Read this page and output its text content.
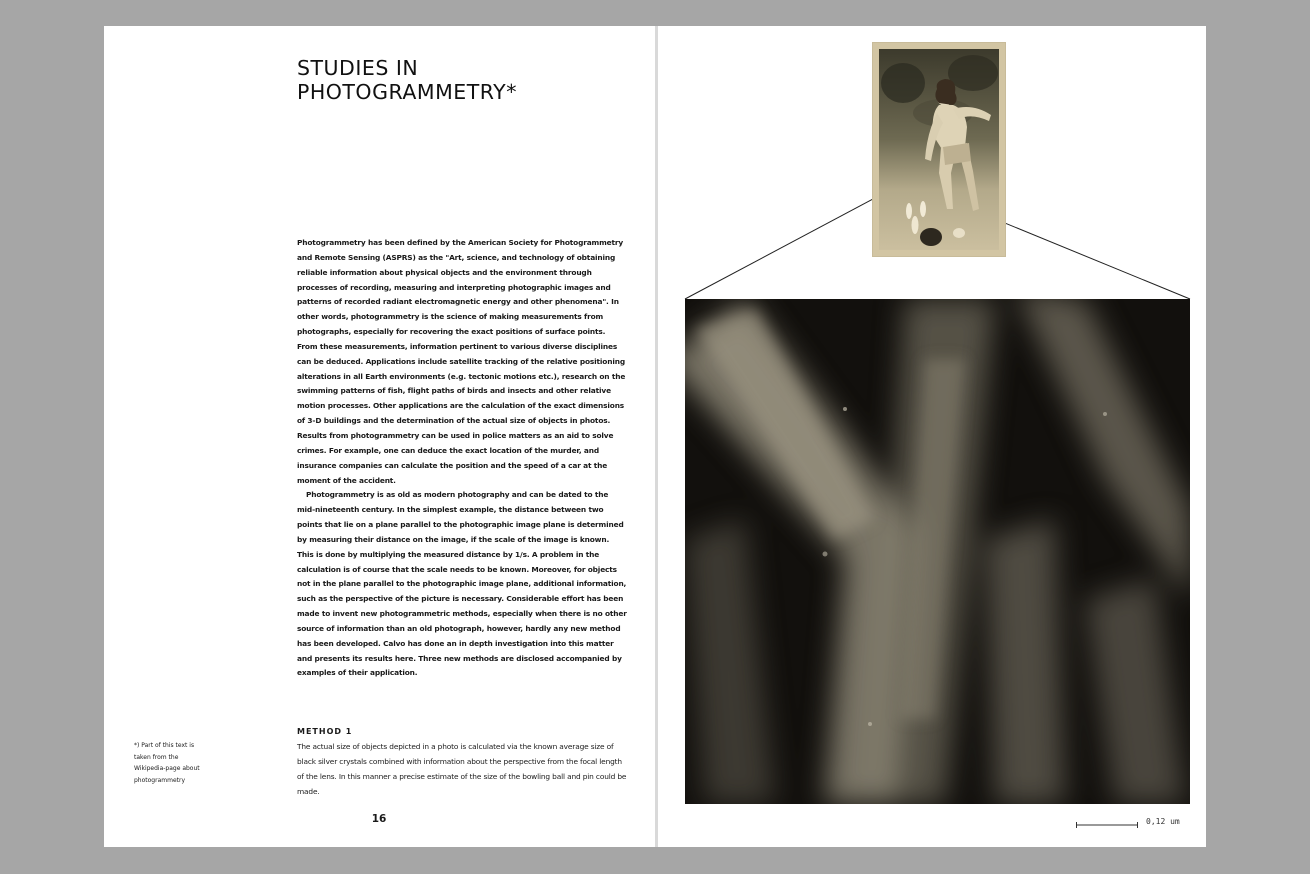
STUDIES IN
PHOTOGRAMMETRY*

Photogrammetry has been defined by the American Society for Photogrammetry and Remote Sensing (ASPRS) as the "Art, science, and technology of obtaining reliable information about physical objects and the environment through processes of recording, measuring and interpreting photographic images and patterns of recorded radiant electromagnetic energy and other phenomena". In other words, photogrammetry is the science of making measurements from photographs, especially for recovering the exact positions of surface points. From these measurements, information pertinent to various diverse disciplines can be deduced. Applications include satellite tracking of the relative positioning alterations in all Earth environments (e.g. tectonic motions etc.), research on the swimming patterns of fish, flight paths of birds and insects and other relative motion processes. Other applications are the calculation of the exact dimensions of 3-D buildings and the determination of the actual size of objects in photos. Results from photogrammetry can be used in police matters as an aid to solve crimes. For example, one can deduce the exact location of the murder, and insurance companies can calculate the position and the speed of a car at the moment of the accident.

Photogrammetry is as old as modern photography and can be dated to the mid-nineteenth century. In the simplest example, the distance between two points that lie on a plane parallel to the photographic image plane is determined by measuring their distance on the image, if the scale of the image is known. This is done by multiplying the measured distance by 1/s. A problem in the calculation is of course that the scale needs to be known. Moreover, for objects not in the plane parallel to the photographic image plane, additional information, such as the perspective of the picture is necessary. Considerable effort has been made to invent new photogrammetric methods, especially when there is no other source of information than an old photograph, however, hardly any new method has been developed. Calvo has done an in depth investigation into this matter and presents its results here. Three new methods are disclosed accompanied by examples of their application.

METHOD 1
The actual size of objects depicted in a photo is calculated via the known average size of black silver crystals combined with information about the perspective from the focal length of the lens. In this manner a precise estimate of the size of the bowling ball and pin could be made.
*) Part of this text is taken from the Wikipedia-page about photogrammetry
16	0,12 um
